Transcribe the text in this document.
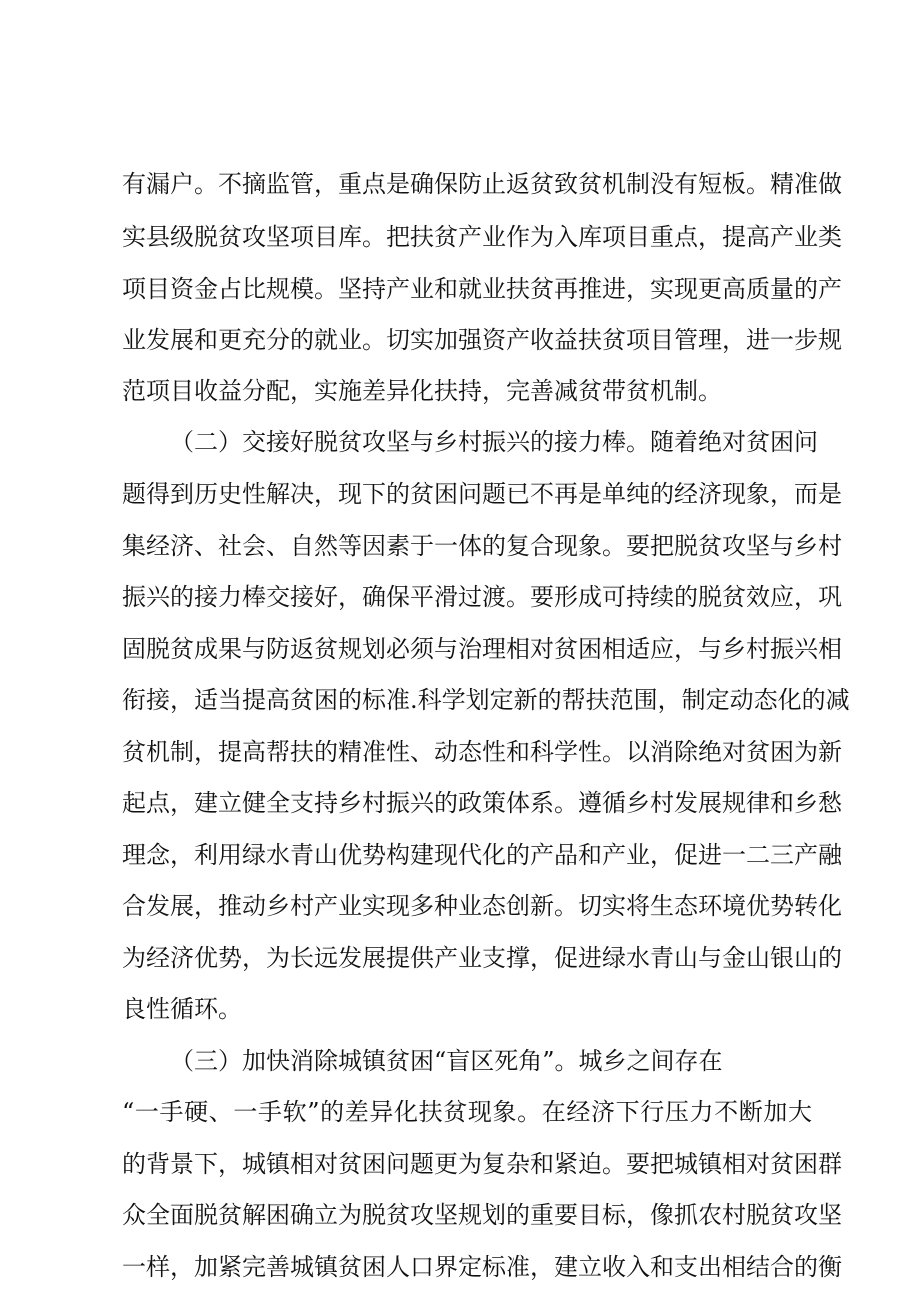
有漏户。不摘监管，重点是确保防止返贫致贫机制没有短板。精准做
实县级脱贫攻坚项目库。把扶贫产业作为入库项目重点，提高产业类
项目资金占比规模。坚持产业和就业扶贫再推进，实现更高质量的产
业发展和更充分的就业。切实加强资产收益扶贫项目管理，进一步规
范项目收益分配，实施差异化扶持，完善减贫带贫机制。
（二）交接好脱贫攻坚与乡村振兴的接力棒。随着绝对贫困问
题得到历史性解决，现下的贫困问题已不再是单纯的经济现象，而是
集经济、社会、自然等因素于一体的复合现象。要把脱贫攻坚与乡村
振兴的接力棒交接好，确保平滑过渡。要形成可持续的脱贫效应，巩
固脱贫成果与防返贫规划必须与治理相对贫困相适应，与乡村振兴相
衔接，适当提高贫困的标准.科学划定新的帮扶范围，制定动态化的减
贫机制，提高帮扶的精准性、动态性和科学性。以消除绝对贫困为新
起点，建立健全支持乡村振兴的政策体系。遵循乡村发展规律和乡愁
理念，利用绿水青山优势构建现代化的产品和产业，促进一二三产融
合发展，推动乡村产业实现多种业态创新。切实将生态环境优势转化
为经济优势，为长远发展提供产业支撑，促进绿水青山与金山银山的
良性循环。
（三）加快消除城镇贫困“盲区死角”。城乡之间存在
“一手硬、一手软”的差异化扶贫现象。在经济下行压力不断加大
的背景下，城镇相对贫困问题更为复杂和紧迫。要把城镇相对贫困群
众全面脱贫解困确立为脱贫攻坚规划的重要目标，像抓农村脱贫攻坚
一样，加紧完善城镇贫困人口界定标准，建立收入和支出相结合的衡
